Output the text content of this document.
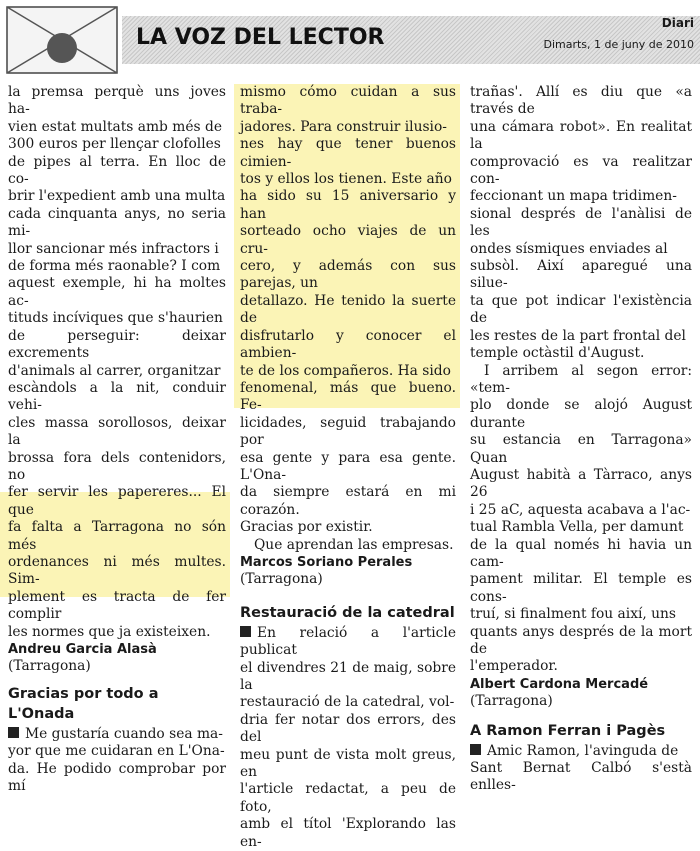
LA VOZ DEL LECTOR
Diari
Dimarts, 1 de juny de 2010

la premsa perquè uns joves ha-

vien estat multats amb més de

300 euros per llençar clofolles

de pipes al terra. En lloc de co-

brir l'expedient amb una multa

cada cinquanta anys, no seria mi-

llor sancionar més infractors i

de forma més raonable? I com

aquest exemple, hi ha moltes ac-

tituds incíviques que s'haurien

de perseguir: deixar excrements

d'animals al carrer, organitzar

escàndols a la nit, conduir vehi-

cles massa sorollosos, deixar la

brossa fora dels contenidors, no

fer servir les papereres... El que

fa falta a Tarragona no són més

ordenances ni més multes. Sim-

plement es tracta de fer complir

les normes que ja existeixen.

Andreu Garcia Alasà

(Tarragona)

Gracias por todo a L'Onada

Me gustaría cuando sea ma-

yor que me cuidaran en L'Ona-

da. He podido comprobar por mí

mismo cómo cuidan a sus traba-

jadores. Para construir ilusio-

nes hay que tener buenos cimien-

tos y ellos los tienen. Este año

ha sido su 15 aniversario y han

sorteado ocho viajes de un cru-

cero, y además con sus parejas, un

detallazo. He tenido la suerte de

disfrutarlo y conocer el ambien-

te de los compañeros. Ha sido

fenomenal, más que bueno. Fe-

licidades, seguid trabajando por

esa gente y para esa gente. L'Ona-

da siempre estará en mi corazón.

Gracias por existir.

Que aprendan las empresas.

Marcos Soriano Perales

(Tarragona)

Restauració de la catedral

En relació a l'article publicat

el divendres 21 de maig, sobre la

restauració de la catedral, vol-

dria fer notar dos errors, des del

meu punt de vista molt greus, en

l'article redactat, a peu de foto,

amb el títol 'Explorando las en-

trañas'. Allí es diu que «a través de

una cámara robot». En realitat la

comprovació es va realitzar con-

feccionant un mapa tridimen-

sional després de l'anàlisi de les

ondes sísmiques enviades al

subsòl. Així aparegué una silue-

ta que pot indicar l'existència de

les restes de la part frontal del

temple octàstil d'August.

I arribem al segon error: «tem-

plo donde se alojó August durante

su estancia en Tarragona» Quan

August habità a Tàrraco, anys 26

i 25 aC, aquesta acabava a l'ac-

tual Rambla Vella, per damunt

de la qual només hi havia un cam-

pament militar. El temple es cons-

truí, si finalment fou així, uns

quants anys després de la mort de

l'emperador.

Albert Cardona Mercadé

(Tarragona)

A Ramon Ferran i Pagès

Amic Ramon, l'avinguda de

Sant Bernat Calbó s'està enlles-
